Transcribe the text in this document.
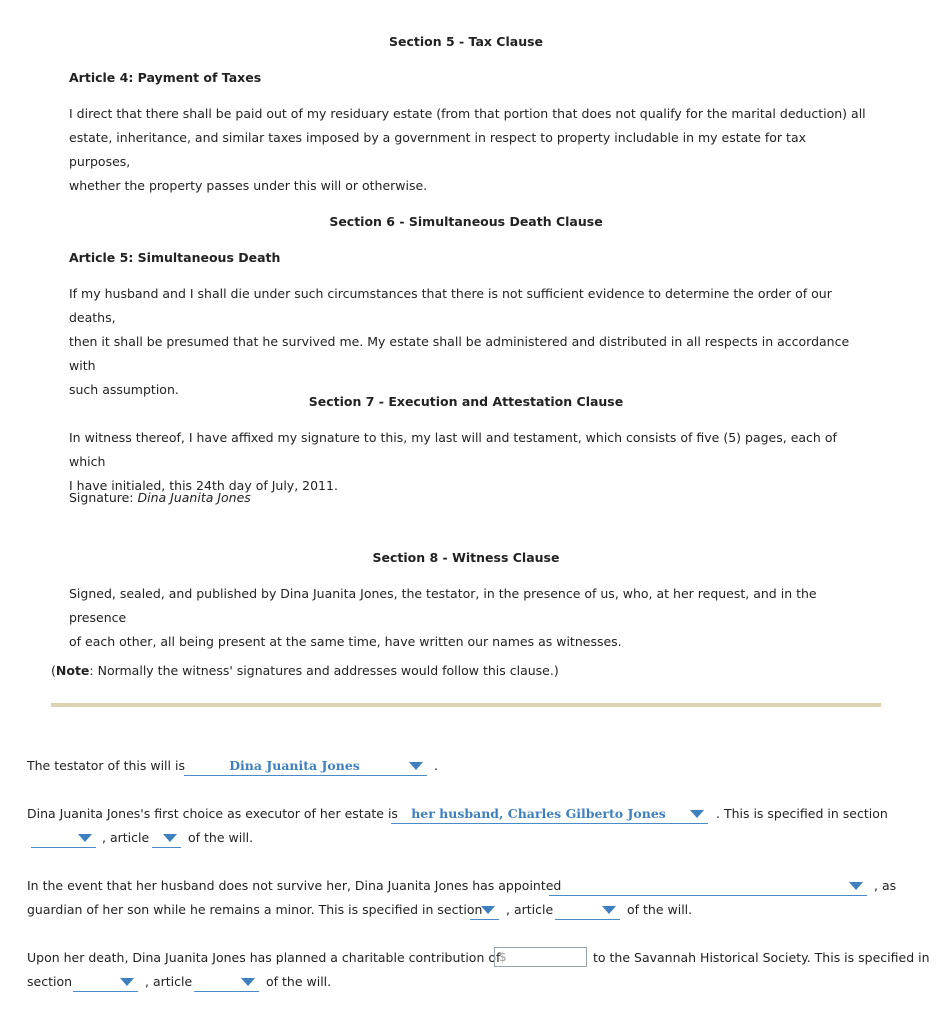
Section 5 - Tax Clause
Article 4: Payment of Taxes
I direct that there shall be paid out of my residuary estate (from that portion that does not qualify for the marital deduction) all
estate, inheritance, and similar taxes imposed by a government in respect to property includable in my estate for tax purposes,
whether the property passes under this will or otherwise.
Section 6 - Simultaneous Death Clause
Article 5: Simultaneous Death
If my husband and I shall die under such circumstances that there is not sufficient evidence to determine the order of our deaths,
then it shall be presumed that he survived me. My estate shall be administered and distributed in all respects in accordance with
such assumption.
Section 7 - Execution and Attestation Clause
In witness thereof, I have affixed my signature to this, my last will and testament, which consists of five (5) pages, each of which
I have initialed, this 24th day of July, 2011.
Signature: Dina Juanita Jones
Section 8 - Witness Clause
Signed, sealed, and published by Dina Juanita Jones, the testator, in the presence of us, who, at her request, and in the presence
of each other, all being present at the same time, have written our names as witnesses.
(Note: Normally the witness' signatures and addresses would follow this clause.)
The testator of this will is	Dina Juanita Jones	.
Dina Juanita Jones's first choice as executor of her estate is	her husband, Charles Gilberto Jones	. This is specified in section
, article	of the will.
In the event that her husband does not survive her, Dina Juanita Jones has appointed	, as
guardian of her son while he remains a minor. This is specified in section , article	of the will.
Upon her death, Dina Juanita Jones has planned a charitable contribution of
$	to the Savannah Historical Society. This is specified in
section	, article	of the will.
